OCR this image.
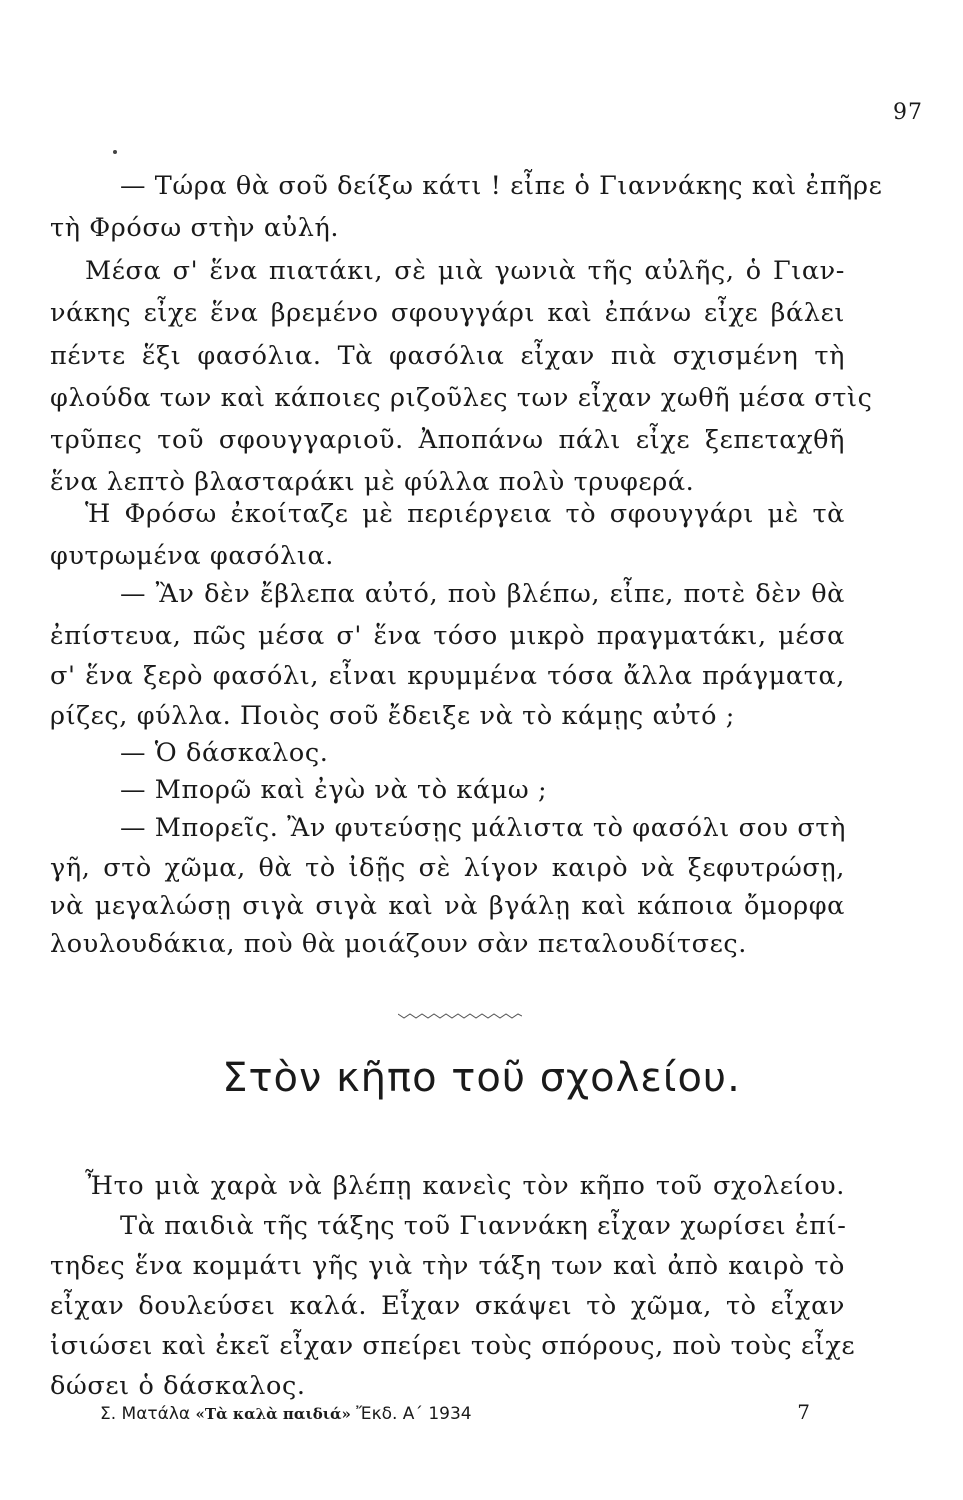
97
— Τώρα θὰ σοῦ δείξω κάτι ! εἶπε ὁ Γιαννάκης καὶ ἐπῆρε
τὴ Φρόσω στὴν αὐλή.
Μέσα σ' ἕνα πιατάκι, σὲ μιὰ γωνιὰ τῆς αὐλῆς, ὁ Γιαν-
νάκης εἶχε ἕνα βρεμένο σφουγγάρι καὶ ἐπάνω εἶχε βάλει
πέντε ἕξι φασόλια. Τὰ φασόλια εἶχαν πιὰ σχισμένη τὴ
φλούδα των καὶ κάποιες ριζοῦλες των εἶχαν χωθῆ μέσα στὶς
τρῦπες τοῦ σφουγγαριοῦ. Ἀποπάνω πάλι εἶχε ξεπεταχθῆ
ἕνα λεπτὸ βλασταράκι μὲ φύλλα πολὺ τρυφερά.
Ἡ Φρόσω ἐκοίταζε μὲ περιέργεια τὸ σφουγγάρι μὲ τὰ
φυτρωμένα φασόλια.
— Ἂν δὲν ἔβλεπα αὐτό, ποὺ βλέπω, εἶπε, ποτὲ δὲν θὰ
ἐπίστευα, πῶς μέσα σ' ἕνα τόσο μικρὸ πραγματάκι, μέσα
σ' ἕνα ξερὸ φασόλι, εἶναι κρυμμένα τόσα ἄλλα πράγματα,
ρίζες, φύλλα. Ποιὸς σοῦ ἔδειξε νὰ τὸ κάμῃς αὐτό ;
— Ὁ δάσκαλος.
— Μπορῶ καὶ ἐγὼ νὰ τὸ κάμω ;
— Μπορεῖς. Ἂν φυτεύσῃς μάλιστα τὸ φασόλι σου στὴ
γῆ, στὸ χῶμα, θὰ τὸ ἰδῇς σὲ λίγον καιρὸ νὰ ξεφυτρώσῃ,
νὰ μεγαλώσῃ σιγὰ σιγὰ καὶ νὰ βγάλῃ καὶ κάποια ὄμορφα
λουλουδάκια, ποὺ θὰ μοιάζουν σὰν πεταλουδίτσες.
Στὸν κῆπο τοῦ σχολείου.
Ἦτο μιὰ χαρὰ νὰ βλέπῃ κανεὶς τὸν κῆπο τοῦ σχολείου.
Τὰ παιδιὰ τῆς τάξης τοῦ Γιαννάκη εἶχαν χωρίσει ἐπί-
τηδες ἕνα κομμάτι γῆς γιὰ τὴν τάξη των καὶ ἀπὸ καιρὸ τὸ
εἶχαν δουλεύσει καλά. Εἶχαν σκάψει τὸ χῶμα, τὸ εἶχαν
ἰσιώσει καὶ ἐκεῖ εἶχαν σπείρει τοὺς σπόρους, ποὺ τοὺς εἶχε
δώσει ὁ δάσκαλος.
Σ. Ματάλα «Τὰ καλὰ παιδιά» Ἔκδ. Α΄ 1934	7
